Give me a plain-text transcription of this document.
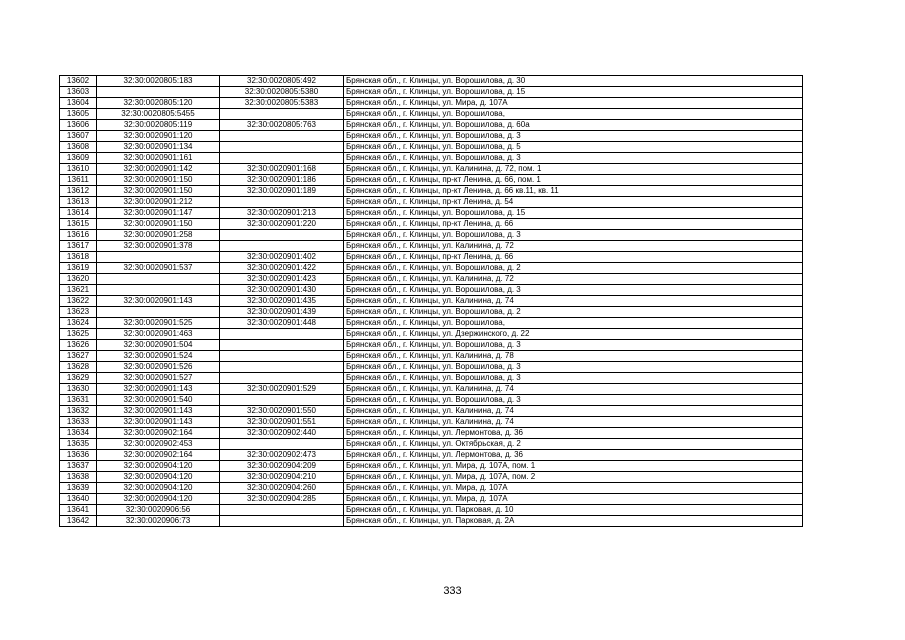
13602	32:30:0020805:183	32:30:0020805:492	Брянская обл., г. Клинцы, ул. Ворошилова, д. 30
13603		32:30:0020805:5380	Брянская обл., г. Клинцы, ул. Ворошилова, д. 15
13604	32:30:0020805:120	32:30:0020805:5383	Брянская обл., г. Клинцы, ул. Мира, д. 107А
13605	32:30:0020805:5455		Брянская обл., г. Клинцы, ул. Ворошилова,
13606	32:30:0020805:119	32:30:0020805:763	Брянская обл., г. Клинцы, ул. Ворошилова, д. 60а
13607	32:30:0020901:120		Брянская обл., г. Клинцы, ул. Ворошилова, д. 3
13608	32:30:0020901:134		Брянская обл., г. Клинцы, ул. Ворошилова, д. 5
13609	32:30:0020901:161		Брянская обл., г. Клинцы, ул. Ворошилова, д. 3
13610	32:30:0020901:142	32:30:0020901:168	Брянская обл., г. Клинцы, ул. Калинина, д. 72, пом. 1
13611	32:30:0020901:150	32:30:0020901:186	Брянская обл., г. Клинцы, пр-кт Ленина, д. 66, пом. 1
13612	32:30:0020901:150	32:30:0020901:189	Брянская обл., г. Клинцы, пр-кт Ленина, д. 66 кв.11, кв. 11
13613	32:30:0020901:212		Брянская обл., г. Клинцы, пр-кт Ленина, д. 54
13614	32:30:0020901:147	32:30:0020901:213	Брянская обл., г. Клинцы, ул. Ворошилова, д. 15
13615	32:30:0020901:150	32:30:0020901:220	Брянская обл., г. Клинцы, пр-кт Ленина, д. 66
13616	32:30:0020901:258		Брянская обл., г. Клинцы, ул. Ворошилова, д. 3
13617	32:30:0020901:378		Брянская обл., г. Клинцы, ул. Калинина, д. 72
13618		32:30:0020901:402	Брянская обл., г. Клинцы, пр-кт Ленина, д. 66
13619	32:30:0020901:537	32:30:0020901:422	Брянская обл., г. Клинцы, ул. Ворошилова, д. 2
13620		32:30:0020901:423	Брянская обл., г. Клинцы, ул. Калинина, д. 72
13621		32:30:0020901:430	Брянская обл., г. Клинцы, ул. Ворошилова, д. 3
13622	32:30:0020901:143	32:30:0020901:435	Брянская обл., г. Клинцы, ул. Калинина, д. 74
13623		32:30:0020901:439	Брянская обл., г. Клинцы, ул. Ворошилова, д. 2
13624	32:30:0020901:525	32:30:0020901:448	Брянская обл., г. Клинцы, ул. Ворошилова,
13625	32:30:0020901:463		Брянская обл., г. Клинцы, ул. Дзержинского, д. 22
13626	32:30:0020901:504		Брянская обл., г. Клинцы, ул. Ворошилова, д. 3
13627	32:30:0020901:524		Брянская обл., г. Клинцы, ул. Калинина, д. 78
13628	32:30:0020901:526		Брянская обл., г. Клинцы, ул. Ворошилова, д. 3
13629	32:30:0020901:527		Брянская обл., г. Клинцы, ул. Ворошилова, д. 3
13630	32:30:0020901:143	32:30:0020901:529	Брянская обл., г. Клинцы, ул. Калинина, д. 74
13631	32:30:0020901:540		Брянская обл., г. Клинцы, ул. Ворошилова, д. 3
13632	32:30:0020901:143	32:30:0020901:550	Брянская обл., г. Клинцы, ул. Калинина, д. 74
13633	32:30:0020901:143	32:30:0020901:551	Брянская обл., г. Клинцы, ул. Калинина, д. 74
13634	32:30:0020902:164	32:30:0020902:440	Брянская обл., г. Клинцы, ул. Лермонтова, д. 36
13635	32:30:0020902:453		Брянская обл., г. Клинцы, ул. Октябрьская, д. 2
13636	32:30:0020902:164	32:30:0020902:473	Брянская обл., г. Клинцы, ул. Лермонтова, д. 36
13637	32:30:0020904:120	32:30:0020904:209	Брянская обл., г. Клинцы, ул. Мира, д. 107А, пом. 1
13638	32:30:0020904:120	32:30:0020904:210	Брянская обл., г. Клинцы, ул. Мира, д. 107А, пом. 2
13639	32:30:0020904:120	32:30:0020904:260	Брянская обл., г. Клинцы, ул. Мира, д. 107А
13640	32:30:0020904:120	32:30:0020904:285	Брянская обл., г. Клинцы, ул. Мира, д. 107А
13641	32:30:0020906:56		Брянская обл., г. Клинцы, ул. Парковая, д. 10
13642	32:30:0020906:73		Брянская обл., г. Клинцы, ул. Парковая, д. 2А
333
